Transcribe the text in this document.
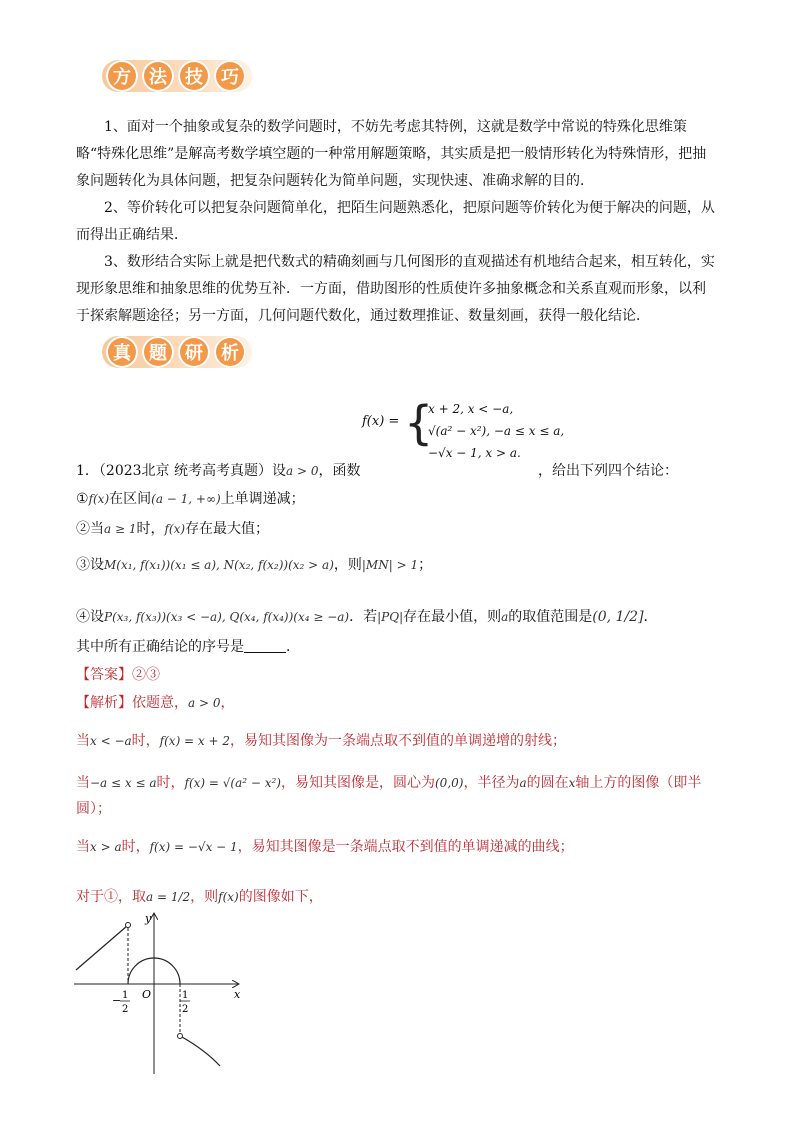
方	法	技	巧
1、面对一个抽象或复杂的数学问题时，不妨先考虑其特例，这就是数学中常说的特殊化思维策略“特殊化思维”是解高考数学填空题的一种常用解题策略，其实质是把一般情形转化为特殊情形，把抽象问题转化为具体问题，把复杂问题转化为简单问题，实现快速、准确求解的目的．
2、等价转化可以把复杂问题简单化，把陌生问题熟悉化，把原问题等价转化为便于解决的问题，从而得出正确结果．
3、数形结合实际上就是把代数式的精确刻画与几何图形的直观描述有机地结合起来，相互转化，实现形象思维和抽象思维的优势互补．一方面，借助图形的性质使许多抽象概念和关系直观而形象，以利于探索解题途径；另一方面，几何问题代数化，通过数理推证、数量刻画，获得一般化结论．
真	题	研	析
f(x) = {
x + 2, x < −a,
√(a² − x²), −a ≤ x ≤ a,
−√x − 1, x > a.
1．（2023北京 统考高考真题）设a > 0，函数	，给出下列四个结论：
①f(x)在区间(a − 1, +∞)上单调递减；
②当a ≥ 1时，f(x)存在最大值；
③设M(x₁, f(x₁))(x₁ ≤ a), N(x₂, f(x₂))(x₂ > a)，则|MN| > 1；
④设P(x₃, f(x₃))(x₃ < −a), Q(x₄, f(x₄))(x₄ ≥ −a)．若|PQ|存在最小值，则a的取值范围是(0, 1/2]．
其中所有正确结论的序号是	．
【答案】②③
【解析】依题意，a > 0，
当x < −a时，f(x) = x + 2，易知其图像为一条端点取不到值的单调递增的射线；
当−a ≤ x ≤ a时，f(x) = √(a² − x²)，易知其图像是，圆心为(0,0)，半径为a的圆在x轴上方的图像（即半
圆）；
当x > a时，f(x) = −√x − 1，易知其图像是一条端点取不到值的单调递减的曲线；
对于①，取a = 1/2，则f(x)的图像如下，
y
x
O
− 1
2
1
2
